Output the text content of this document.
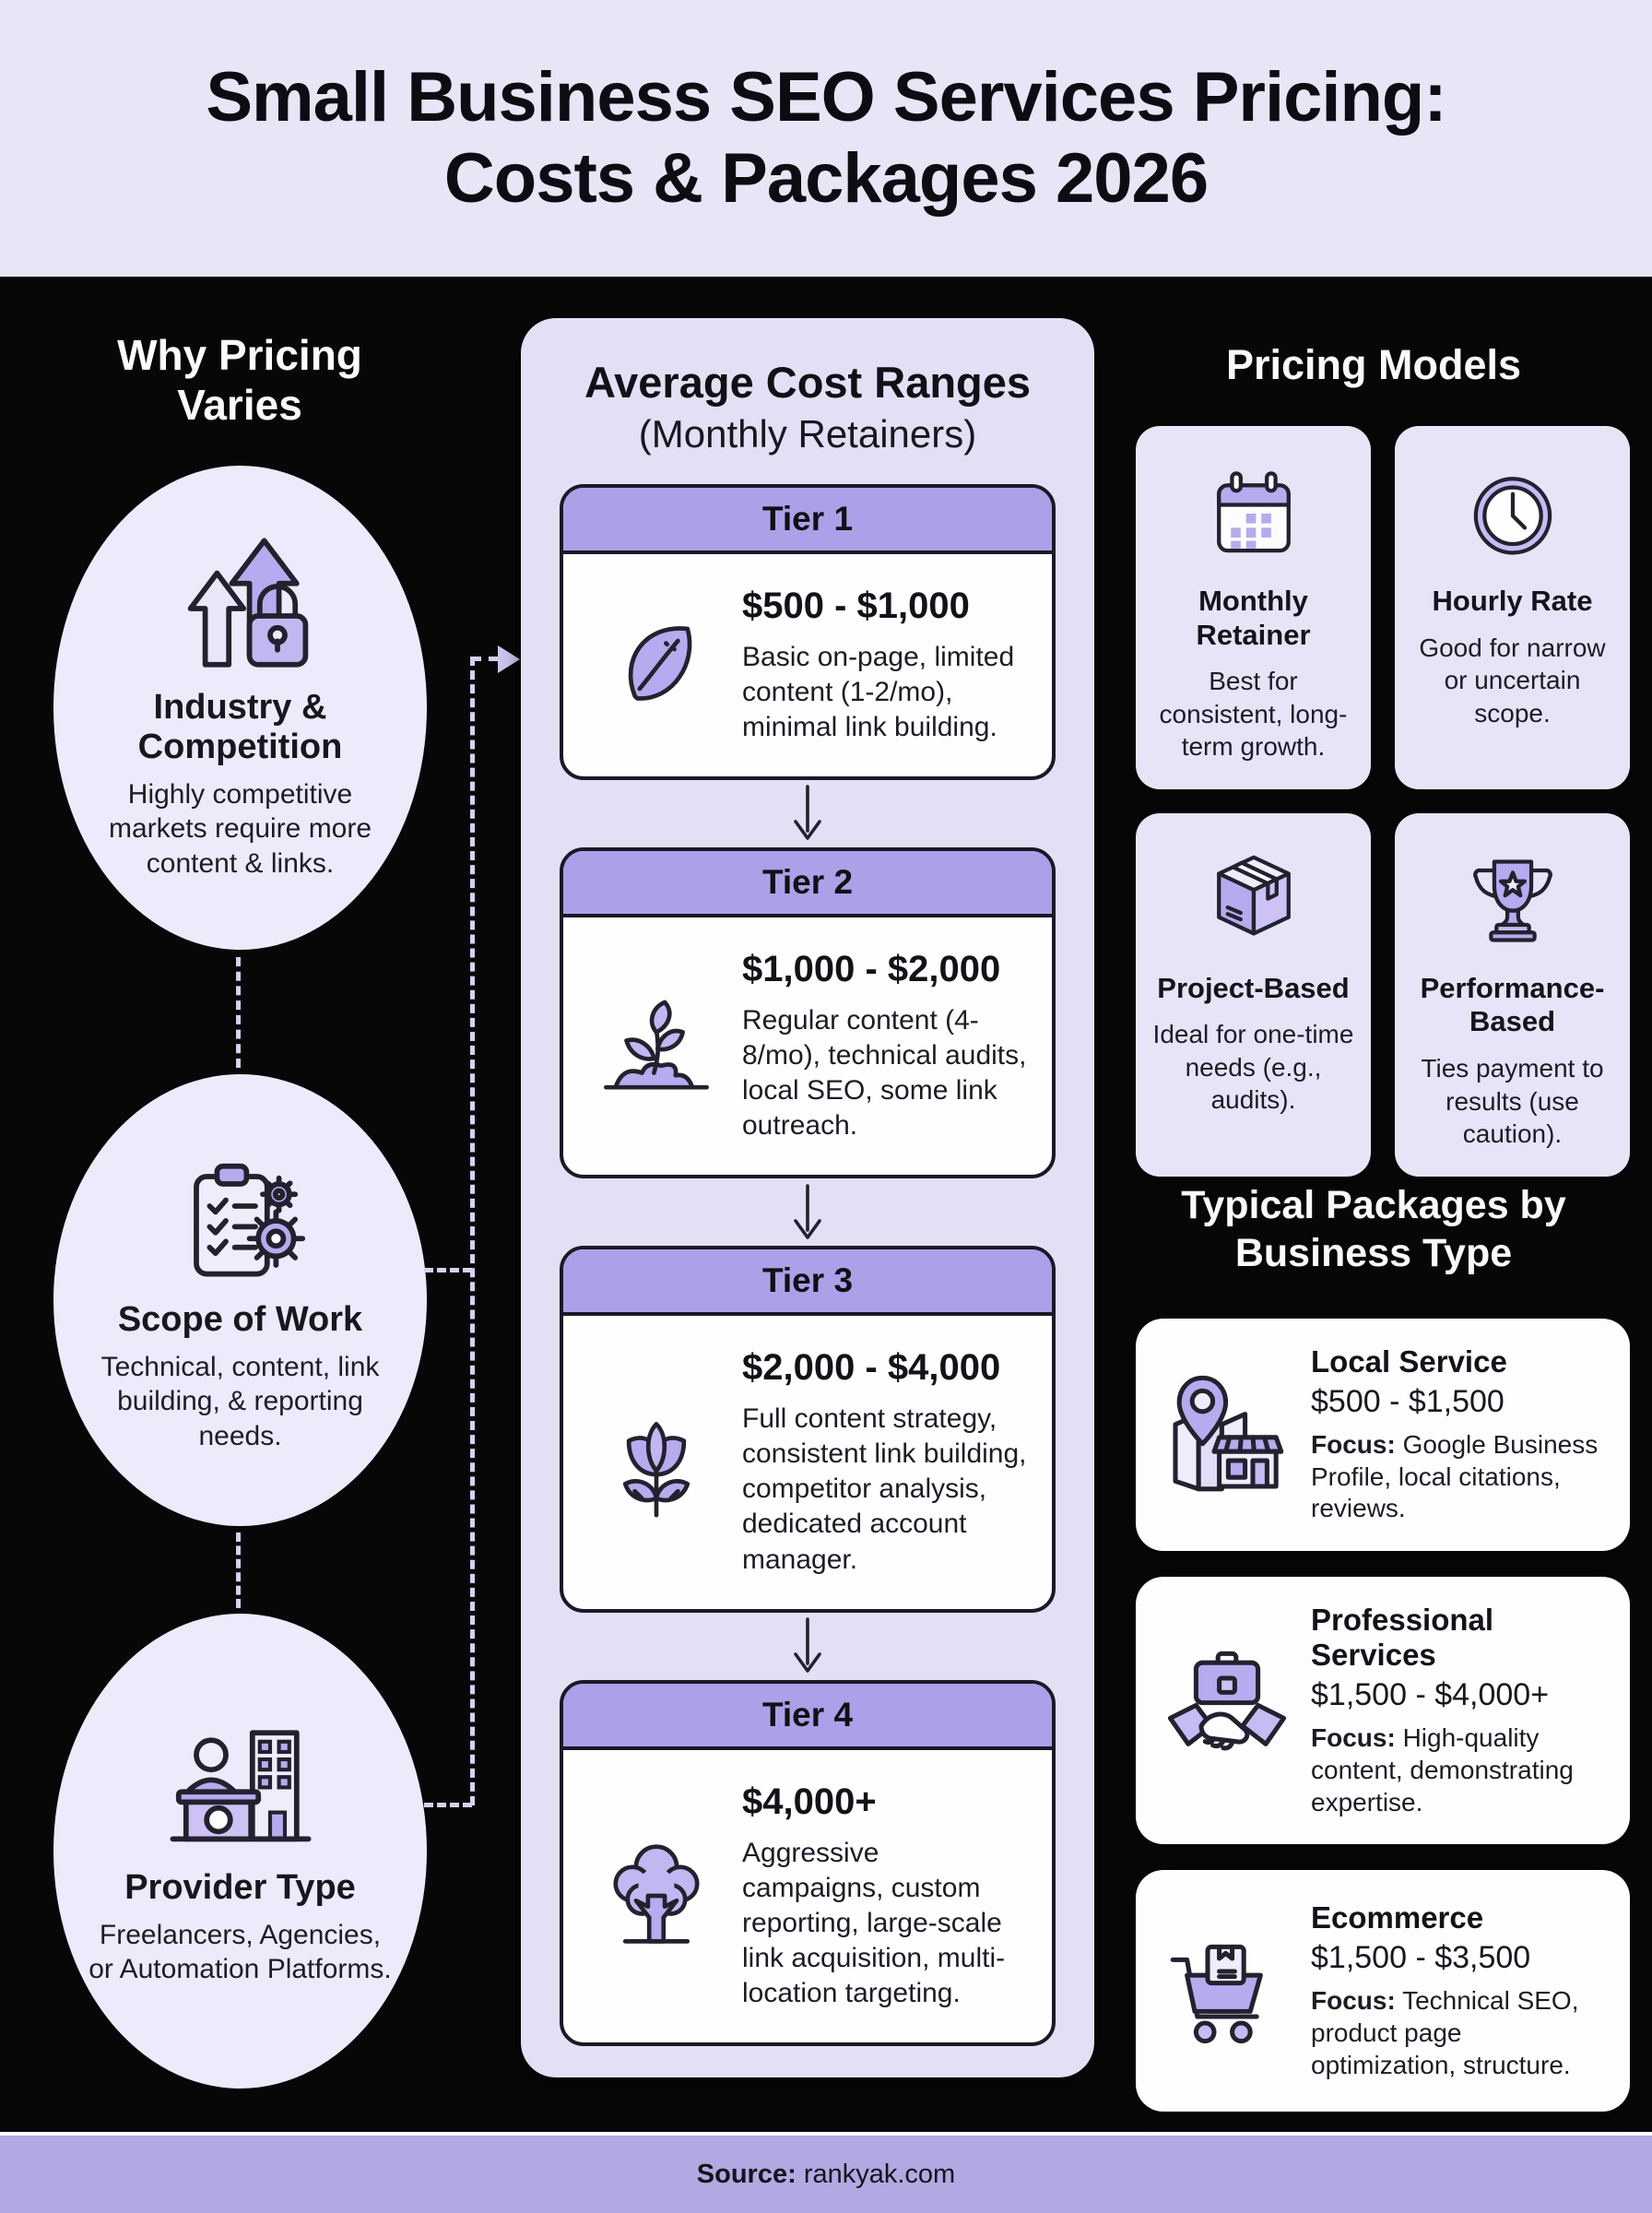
Small Business SEO Services Pricing:
Costs & Packages 2026
Why Pricing
Varies
Industry &
Competition
Highly competitive markets require more content & links.
Scope of Work
Technical, content, link building, & reporting needs.
Provider Type
Freelancers, Agencies, or Automation Platforms.
Average Cost Ranges
(Monthly Retainers)
Tier 1
$500 - $1,000
Basic on-page, limited content (1-2/mo), minimal link building.
Tier 2
$1,000 - $2,000
Regular content (4-8/mo), technical audits, local SEO, some link outreach.
Tier 3
$2,000 - $4,000
Full content strategy, consistent link building, competitor analysis, dedicated account manager.
Tier 4
$4,000+
Aggressive campaigns, custom reporting, large-scale link acquisition, multi-location targeting.
Pricing Models
Monthly Retainer
Best for consistent, long-term growth.
Hourly Rate
Good for narrow or uncertain scope.
Project-Based
Ideal for one-time needs (e.g., audits).
Performance-Based
Ties payment to results (use caution).
Typical Packages by
Business Type
Local Service
$500 - $1,500
Focus: Google Business Profile, local citations, reviews.
Professional Services
$1,500 - $4,000+
Focus: High-quality content, demonstrating expertise.
Ecommerce
$1,500 - $3,500
Focus: Technical SEO, product page optimization, structure.
Source:
rankyak.com
